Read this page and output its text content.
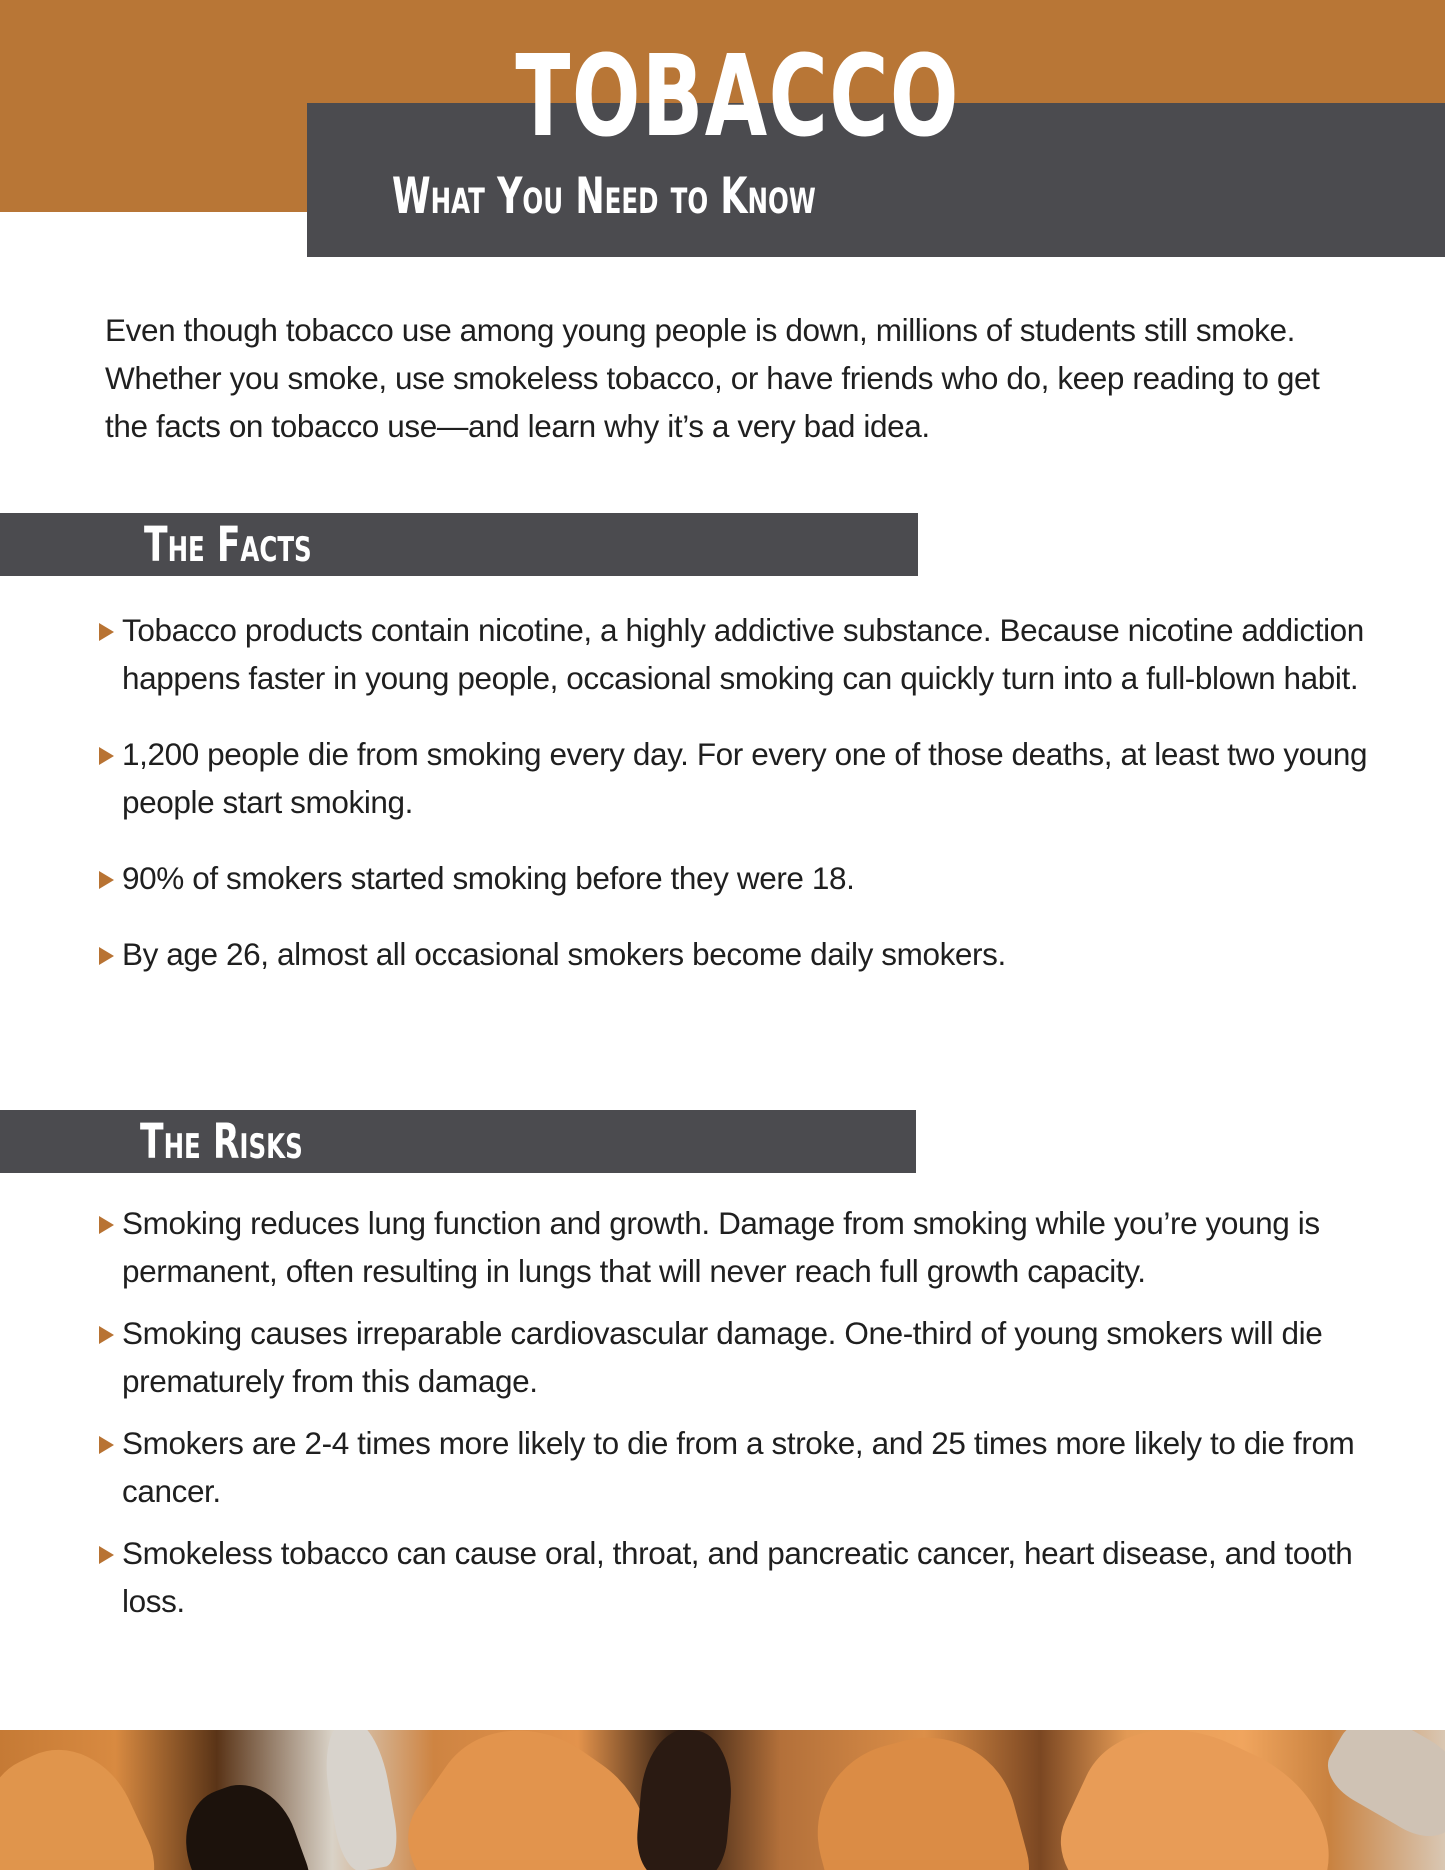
TOBACCO
What You Need to Know

Even though tobacco use among young people is down, millions of students still smoke. Whether you smoke, use smokeless tobacco, or have friends who do, keep reading to get the facts on tobacco use—and learn why it’s a very bad idea.

The Facts
Tobacco products contain nicotine, a highly addictive substance. Because nicotine addiction happens faster in young people, occasional smoking can quickly turn into a full-blown habit.
1,200 people die from smoking every day. For every one of those deaths, at least two young people start smoking.
90% of smokers started smoking before they were 18.
By age 26, almost all occasional smokers become daily smokers.
The Risks
Smoking reduces lung function and growth. Damage from smoking while you’re young is permanent, often resulting in lungs that will never reach full growth capacity.
Smoking causes irreparable cardiovascular damage. One-third of young smokers will die prematurely from this damage.
Smokers are 2-4 times more likely to die from a stroke, and 25 times more likely to die from cancer.
Smokeless tobacco can cause oral, throat, and pancreatic cancer, heart disease, and tooth loss.
